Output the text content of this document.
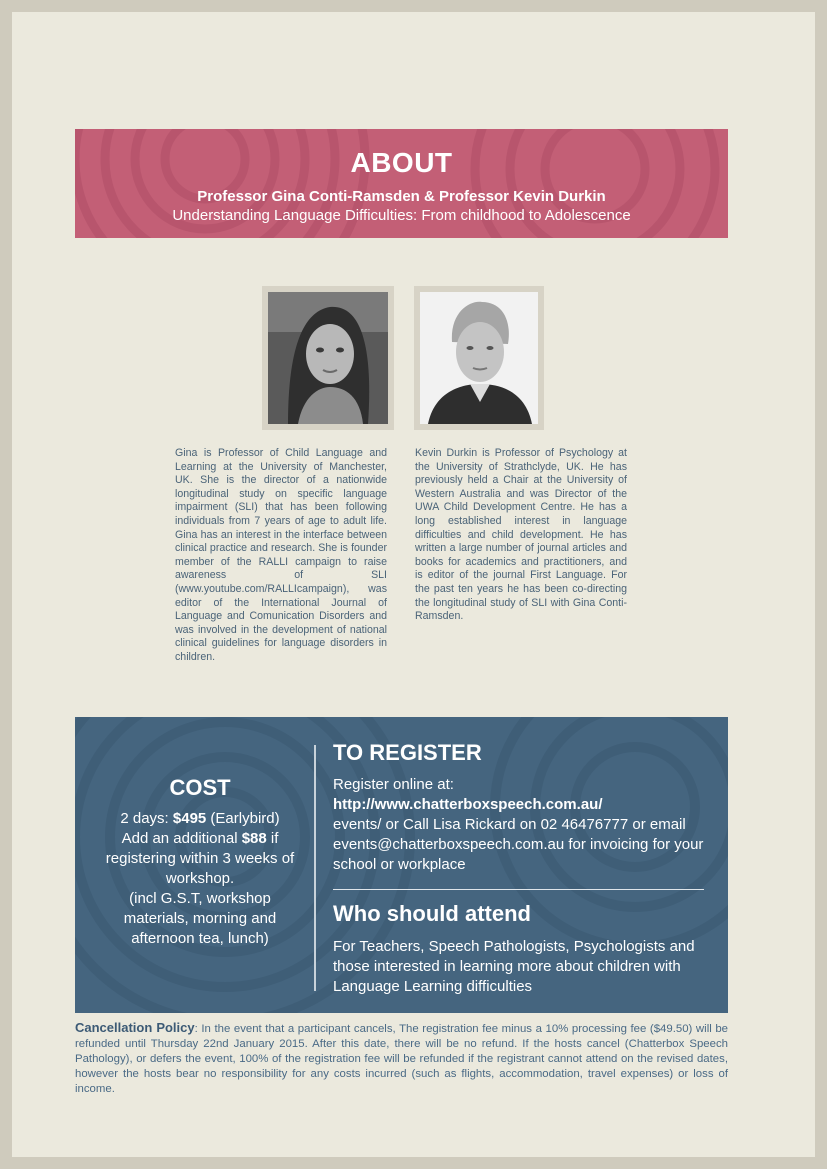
ABOUT
Professor Gina Conti-Ramsden & Professor Kevin Durkin
Understanding Language Difficulties: From childhood to Adolescence

Gina is Professor of Child Language and Learning at the University of Manchester, UK. She is the director of a nationwide longitudinal study on specific language impairment (SLI) that has been following individuals from 7 years of age to adult life. Gina has an interest in the interface between clinical practice and research. She is founder member of the RALLI campaign to raise awareness of SLI (www.youtube.com/RALLIcampaign), was editor of the International Journal of Language and Comunication Disorders and was involved in the development of national clinical guidelines for language disorders in children.

Kevin Durkin is Professor of Psychology at the University of Strathclyde, UK. He has previously held a Chair at the University of Western Australia and was Director of the UWA Child Development Centre. He has a long established interest in language difficulties and child development. He has written a large number of journal articles and books for academics and practitioners, and is editor of the journal First Language. For the past ten years he has been co-directing the longitudinal study of SLI with Gina Conti-Ramsden.

COST

2 days: $495 (Earlybird)

Add an additional $88 if registering within 3 weeks of workshop.

(incl G.S.T, workshop materials, morning and afternoon tea, lunch)

TO REGISTER

Register online at:

http://www.chatterboxspeech.com.au/

events/ or Call Lisa Rickard on 02 46476777 or email events@chatterboxspeech.com.au for invoicing for your school or workplace

Who should attend

For Teachers, Speech Pathologists, Psychologists and those interested in learning more about children with Language Learning difficulties

Cancellation Policy: In the event that a participant cancels, The registration fee minus a 10% processing fee ($49.50) will be refunded until Thursday 22nd January 2015. After this date, there will be no refund. If the hosts cancel (Chatterbox Speech Pathology), or defers the event, 100% of the registration fee will be refunded if the registrant cannot attend on the revised dates, however the hosts bear no responsibility for any costs incurred (such as flights, accommodation, travel expenses) or loss of income.
